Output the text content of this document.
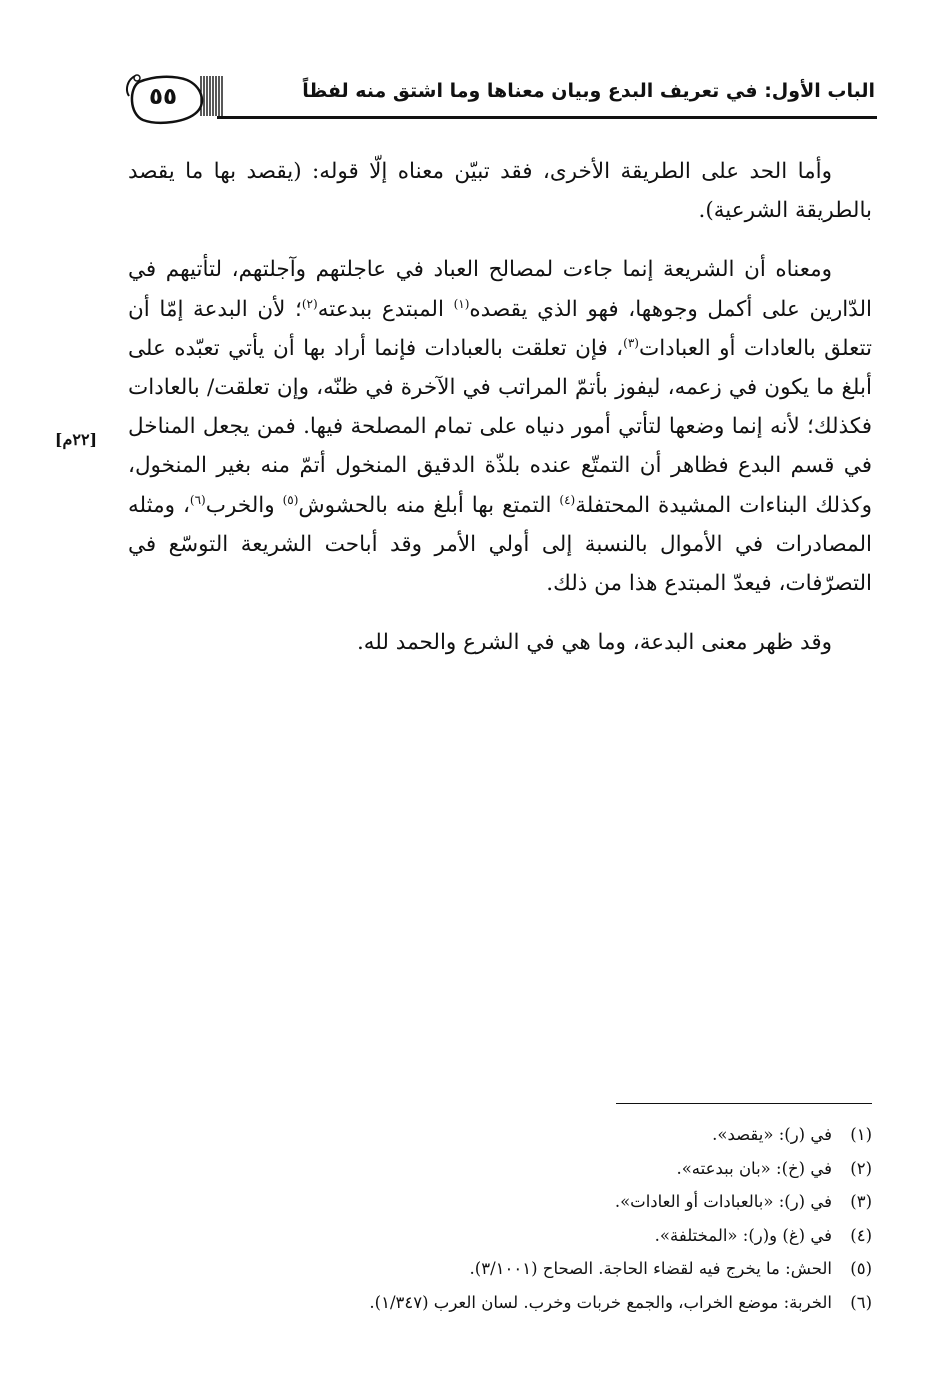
الباب الأول: في تعريف البدع وبيان معناها وما اشتق منه لفظاً
٥٥

وأما الحد على الطريقة الأخرى، فقد تبيّن معناه إلّا قوله: (يقصد بها ما يقصد بالطريقة الشرعية).

ومعناه أن الشريعة إنما جاءت لمصالح العباد في عاجلتهم وآجلتهم، لتأتيهم في الدّارين على أكمل وجوهها، فهو الذي يقصده$^{(١)}$ المبتدع ببدعته$^{(٢)}$؛ لأن البدعة إمّا أن تتعلق بالعادات أو العبادات$^{(٣)}$، فإن تعلقت بالعبادات فإنما أراد بها أن يأتي تعبّده على أبلغ ما يكون في زعمه، ليفوز بأتمّ المراتب في الآخرة في ظنّه، وإن تعلقت/ بالعادات فكذلك؛ لأنه إنما وضعها لتأتي أمور دنياه على تمام المصلحة فيها. فمن يجعل المناخل في قسم البدع فظاهر أن التمتّع عنده بلذّة الدقيق المنخول أتمّ منه بغير المنخول، وكذلك البناءات المشيدة المحتفلة$^{(٤)}$ التمتع بها أبلغ منه بالحشوش$^{(٥)}$ والخرب$^{(٦)}$، ومثله المصادرات في الأموال بالنسبة إلى أولي الأمر وقد أباحت الشريعة التوسّع في التصرّفات، فيعدّ المبتدع هذا من ذلك.

وقد ظهر معنى البدعة، وما هي في الشرع والحمد لله.

[٢٢م]
(١)في (ر): «يقصد».
(٢)في (خ): «بان ببدعته».
(٣)في (ر): «بالعبادات أو العادات».
(٤)في (غ) و(ر): «المختلفة».
(٥)الحش: ما يخرج فيه لقضاء الحاجة. الصحاح (٣/١٠٠١).
(٦)الخربة: موضع الخراب، والجمع خربات وخرب. لسان العرب (١/٣٤٧).
